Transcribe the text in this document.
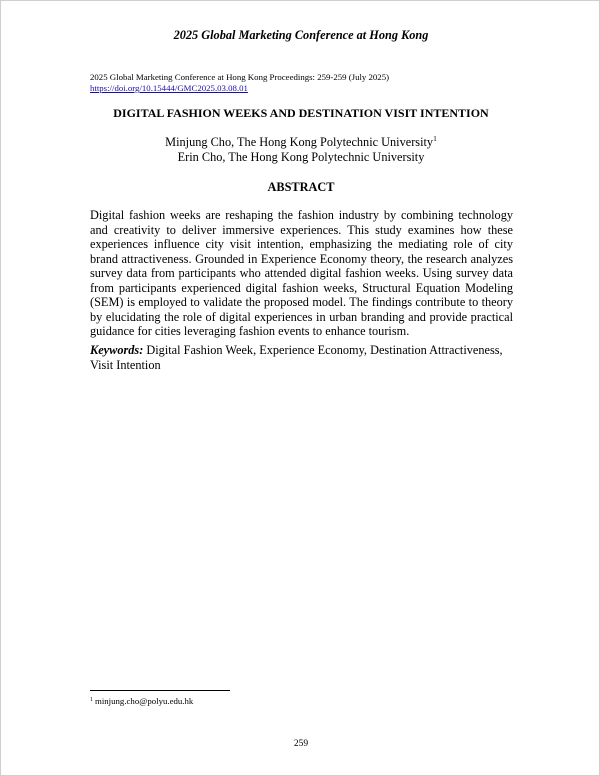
2025 Global Marketing Conference at Hong Kong
2025 Global Marketing Conference at Hong Kong Proceedings: 259-259 (July 2025)
https://doi.org/10.15444/GMC2025.03.08.01
DIGITAL FASHION WEEKS AND DESTINATION VISIT INTENTION
Minjung Cho, The Hong Kong Polytechnic University$^1$
Erin Cho, The Hong Kong Polytechnic University
ABSTRACT

Digital fashion weeks are reshaping the fashion industry by combining technology and creativity to deliver immersive experiences. This study examines how these experiences influence city visit intention, emphasizing the mediating role of city brand attractiveness. Grounded in Experience Economy theory, the research analyzes survey data from participants who attended digital fashion weeks. Using survey data from participants experienced digital fashion weeks, Structural Equation Modeling (SEM) is employed to validate the proposed model. The findings contribute to theory by elucidating the role of digital experiences in urban branding and provide practical guidance for cities leveraging fashion events to enhance tourism.

Keywords: Digital Fashion Week, Experience Economy, Destination Attractiveness, Visit Intention

$^1$ minjung.cho@polyu.edu.hk
259
